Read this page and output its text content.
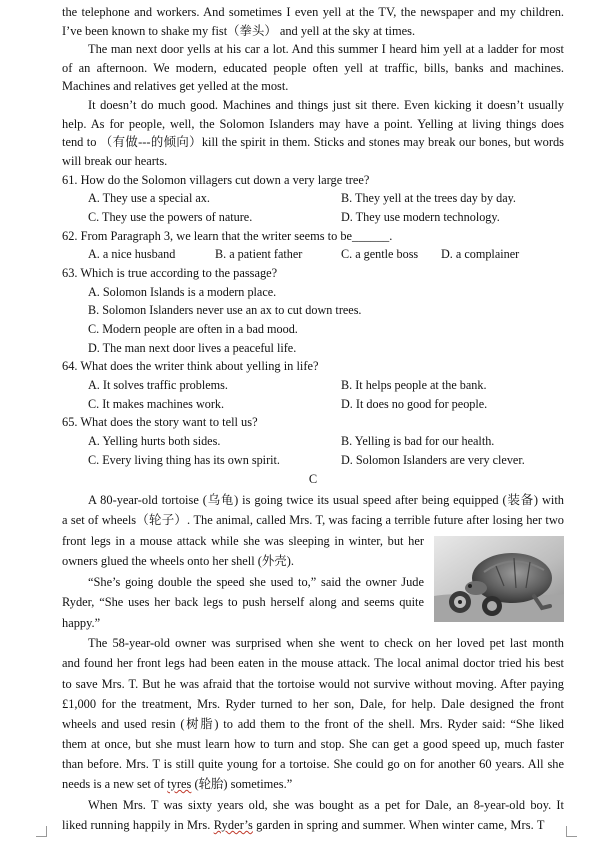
the telephone and workers. And sometimes I even yell at the TV, the newspaper and my children.
I’ve been known to shake my fist（拳头） and yell at the sky at times.
The man next door yells at his car a lot. And this summer I heard him yell at a ladder for most
of an afternoon. We modern, educated people often yell at traffic, bills, banks and machines.
Machines and relatives get yelled at the most.
It doesn’t do much good. Machines and things just sit there. Even kicking it doesn’t usually
help. As for people, well, the Solomon Islanders may have a point. Yelling at living things does
tend to （有做---的倾向）kill the spirit in them. Sticks and stones may break our bones, but words
will break our hearts.
61. How do the Solomon villagers cut down a very large tree?
A. They use a special ax.	B. They yell at the trees day by day.
C. They use the powers of nature.	D. They use modern technology.
62. From Paragraph 3, we learn that the writer seems to be______.
A. a nice husband	B. a patient father	C. a gentle boss D. a complainer
63. Which is true according to the passage?
A. Solomon Islands is a modern place.
B. Solomon Islanders never use an ax to cut down trees.
C. Modern people are often in a bad mood.
D. The man next door lives a peaceful life.
64. What does the writer think about yelling in life?
A. It solves traffic problems.	B. It helps people at the bank.
C. It makes machines work.	D. It does no good for people.
65. What does the story want to tell us?
A. Yelling hurts both sides.	B. Yelling is bad for our health.
C. Every living thing has its own spirit.	D. Solomon Islanders are very clever.
C
A 80-year-old tortoise (乌龟) is going twice its usual speed after being equipped (装备) with
a set of wheels（轮子）. The animal, called Mrs. T, was facing a terrible future after losing her two
front legs in a mouse attack while she was sleeping in winter, but her
owners glued the wheels onto her shell (外壳).
“She’s going double the speed she used to,” said the owner Jude
Ryder, “She uses her back legs to push herself along and seems quite
happy.”
The 58-year-old owner was surprised when she went to check on her loved pet last month
and found her front legs had been eaten in the mouse attack. The local animal doctor tried his best
to save Mrs. T. But he was afraid that the tortoise would not survive without moving. After paying
£1,000 for the treatment, Mrs. Ryder turned to her son, Dale, for help. Dale designed the front
wheels and used resin (树脂) to add them to the front of the shell. Mrs. Ryder said: “She liked
them at once, but she must learn how to turn and stop. She can get a good speed up, much faster
than before. Mrs. T is still quite young for a tortoise. She could go on for another 60 years. All she
needs is a new set of tyres (轮胎) sometimes.”
When Mrs. T was sixty years old, she was bought as a pet for Dale, an 8-year-old boy. It
liked running happily in Mrs. Ryder’s garden in spring and summer. When winter came, Mrs. T
